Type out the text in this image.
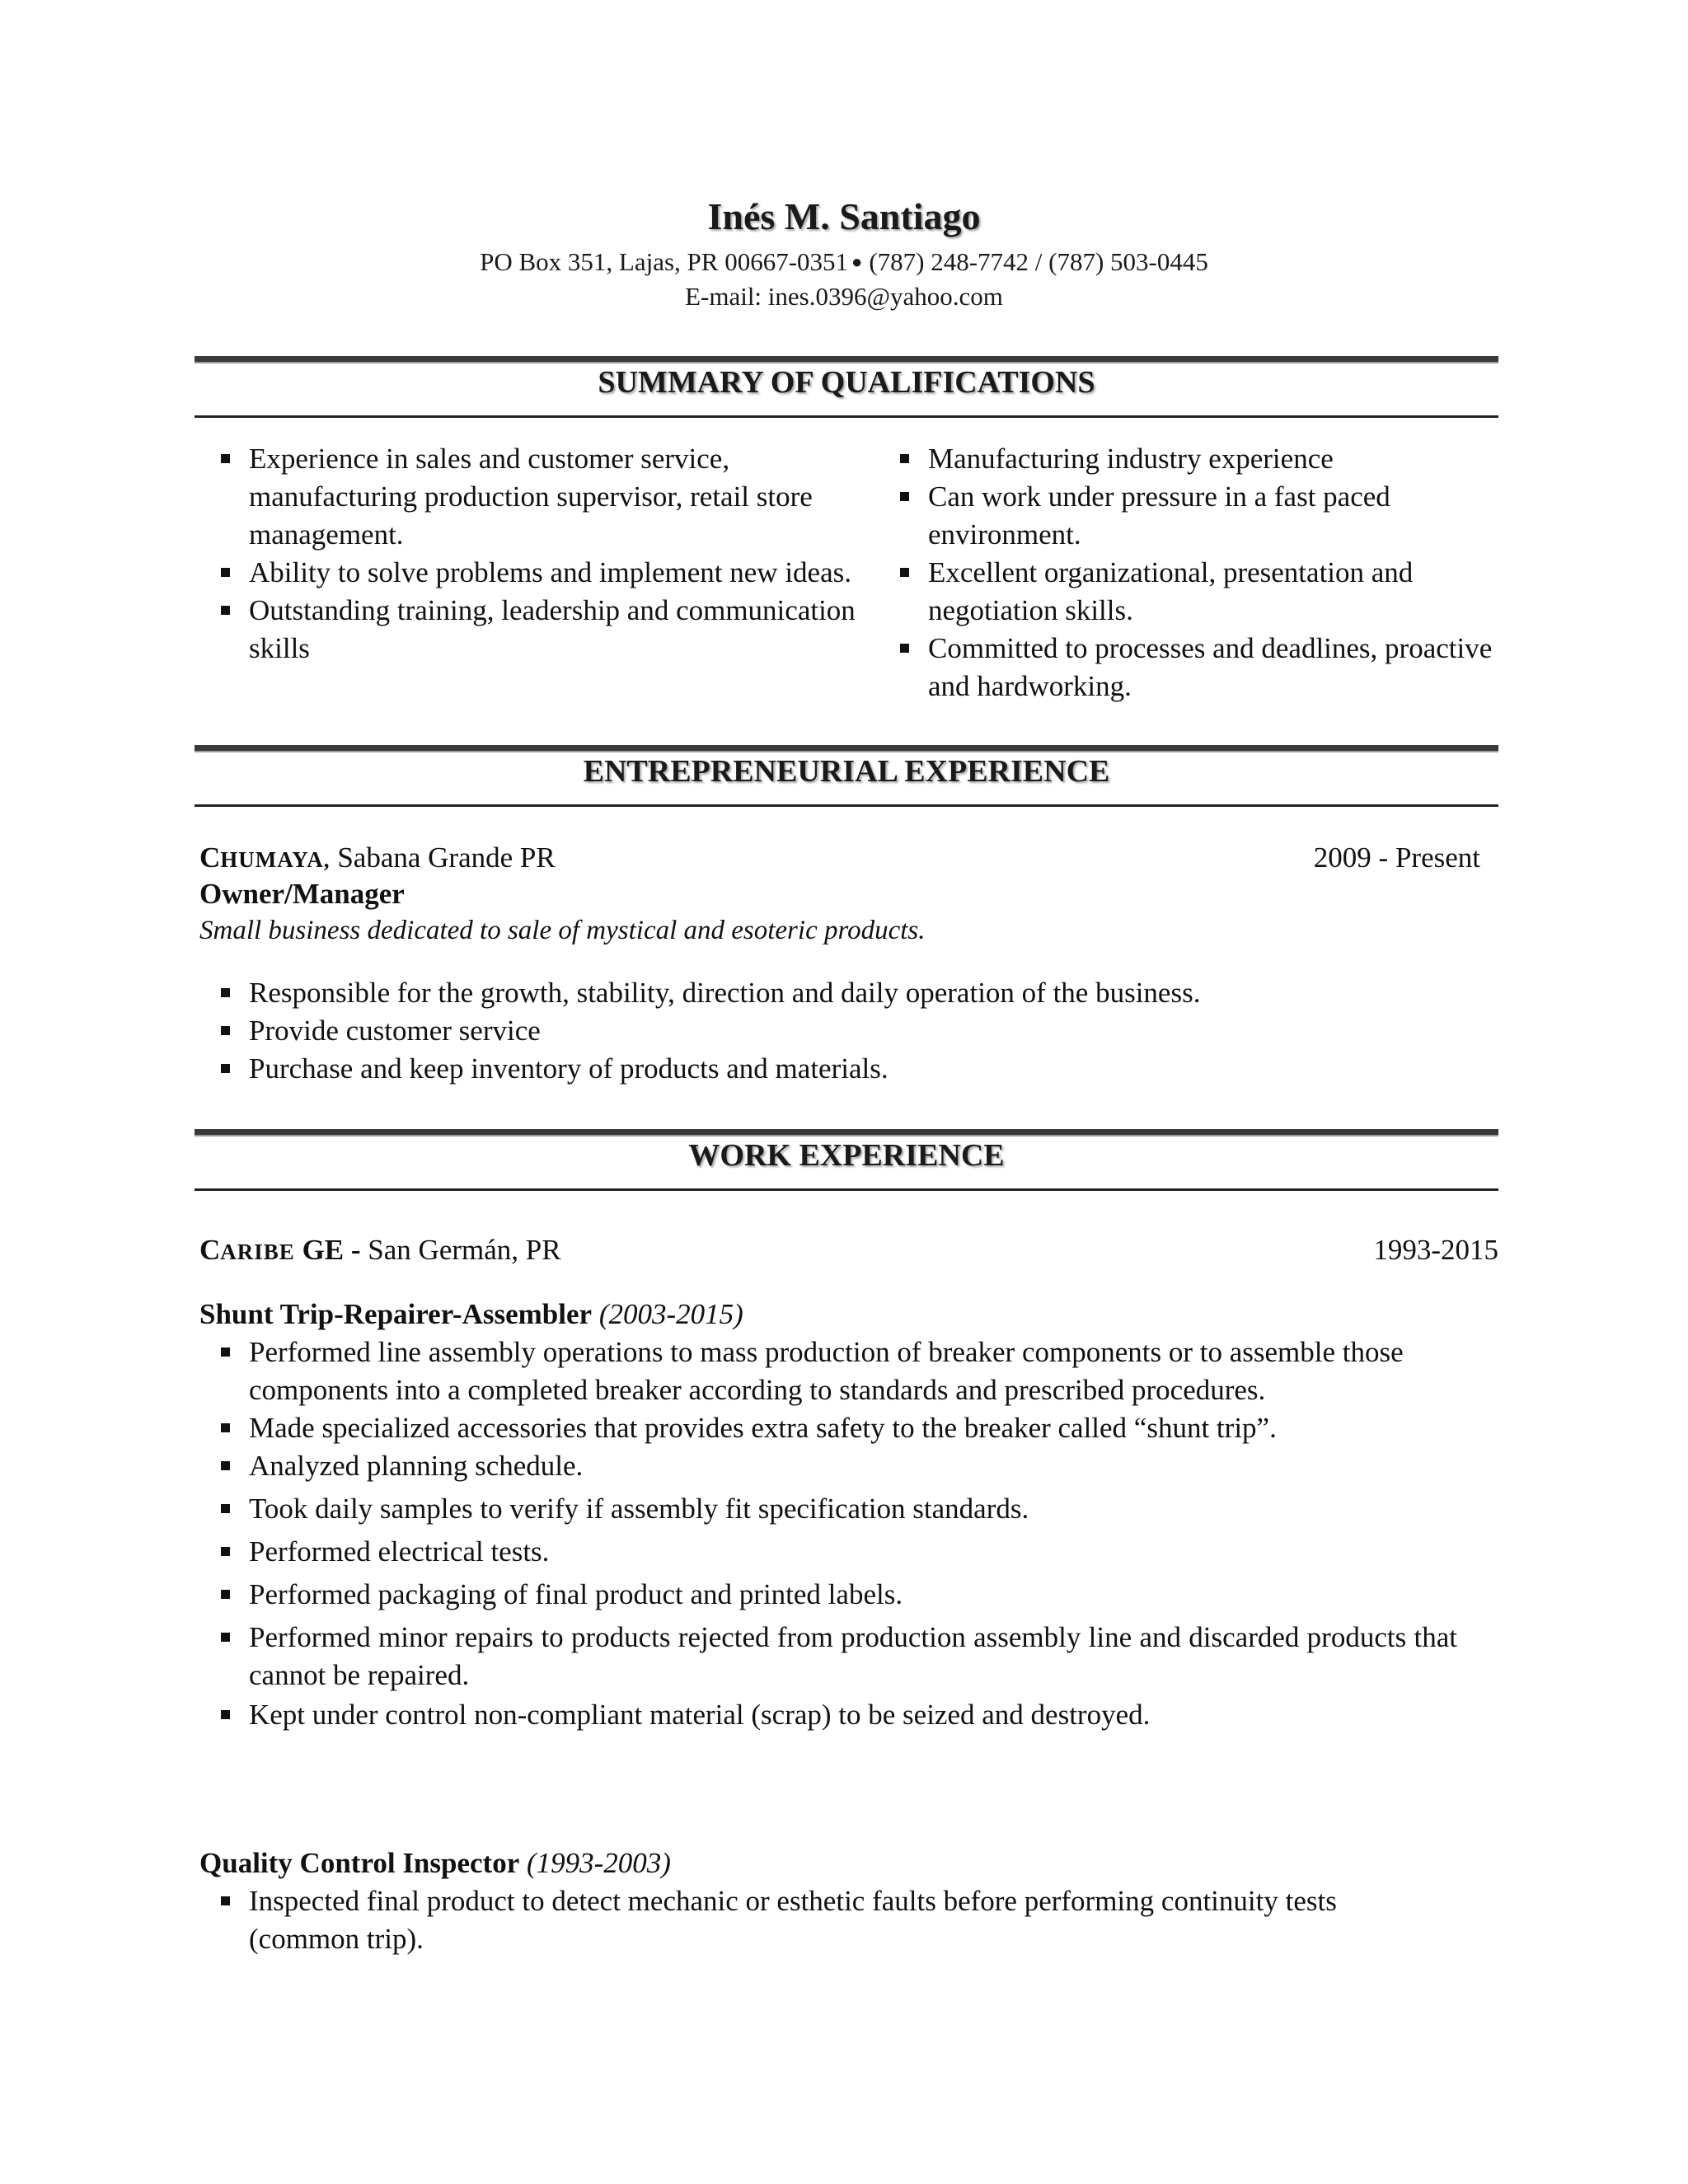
Inés M. Santiago
PO Box 351, Lajas, PR 00667-0351 ● (787) 248-7742 / (787) 503-0445
E-mail: ines.0396@yahoo.com
SUMMARY OF QUALIFICATIONS
Experience in sales and customer service, manufacturing production supervisor, retail store management.
Ability to solve problems and implement new ideas.
Outstanding training, leadership and communication skills
Manufacturing industry experience
Can work under pressure in a fast paced environment.
Excellent organizational, presentation and negotiation skills.
Committed to processes and deadlines, proactive and hardworking.
ENTREPRENEURIAL EXPERIENCE
CHUMAYA, Sabana Grande PR	2009 - Present
Owner/Manager
Small business dedicated to sale of mystical and esoteric products.
Responsible for the growth, stability, direction and daily operation of the business.
Provide customer service
Purchase and keep inventory of products and materials.
WORK EXPERIENCE
CARIBE GE - San Germán, PR	1993-2015
Shunt Trip-Repairer-Assembler (2003-2015)
Performed line assembly operations to mass production of breaker components or to assemble those components into a completed breaker according to standards and prescribed procedures.
Made specialized accessories that provides extra safety to the breaker called “shunt trip”.
Analyzed planning schedule.
Took daily samples to verify if assembly fit specification standards.
Performed electrical tests.
Performed packaging of final product and printed labels.
Performed minor repairs to products rejected from production assembly line and discarded products that cannot be repaired.
Kept under control non-compliant material (scrap) to be seized and destroyed.
Quality Control Inspector (1993-2003)
Inspected final product to detect mechanic or esthetic faults before performing continuity tests (common trip).
